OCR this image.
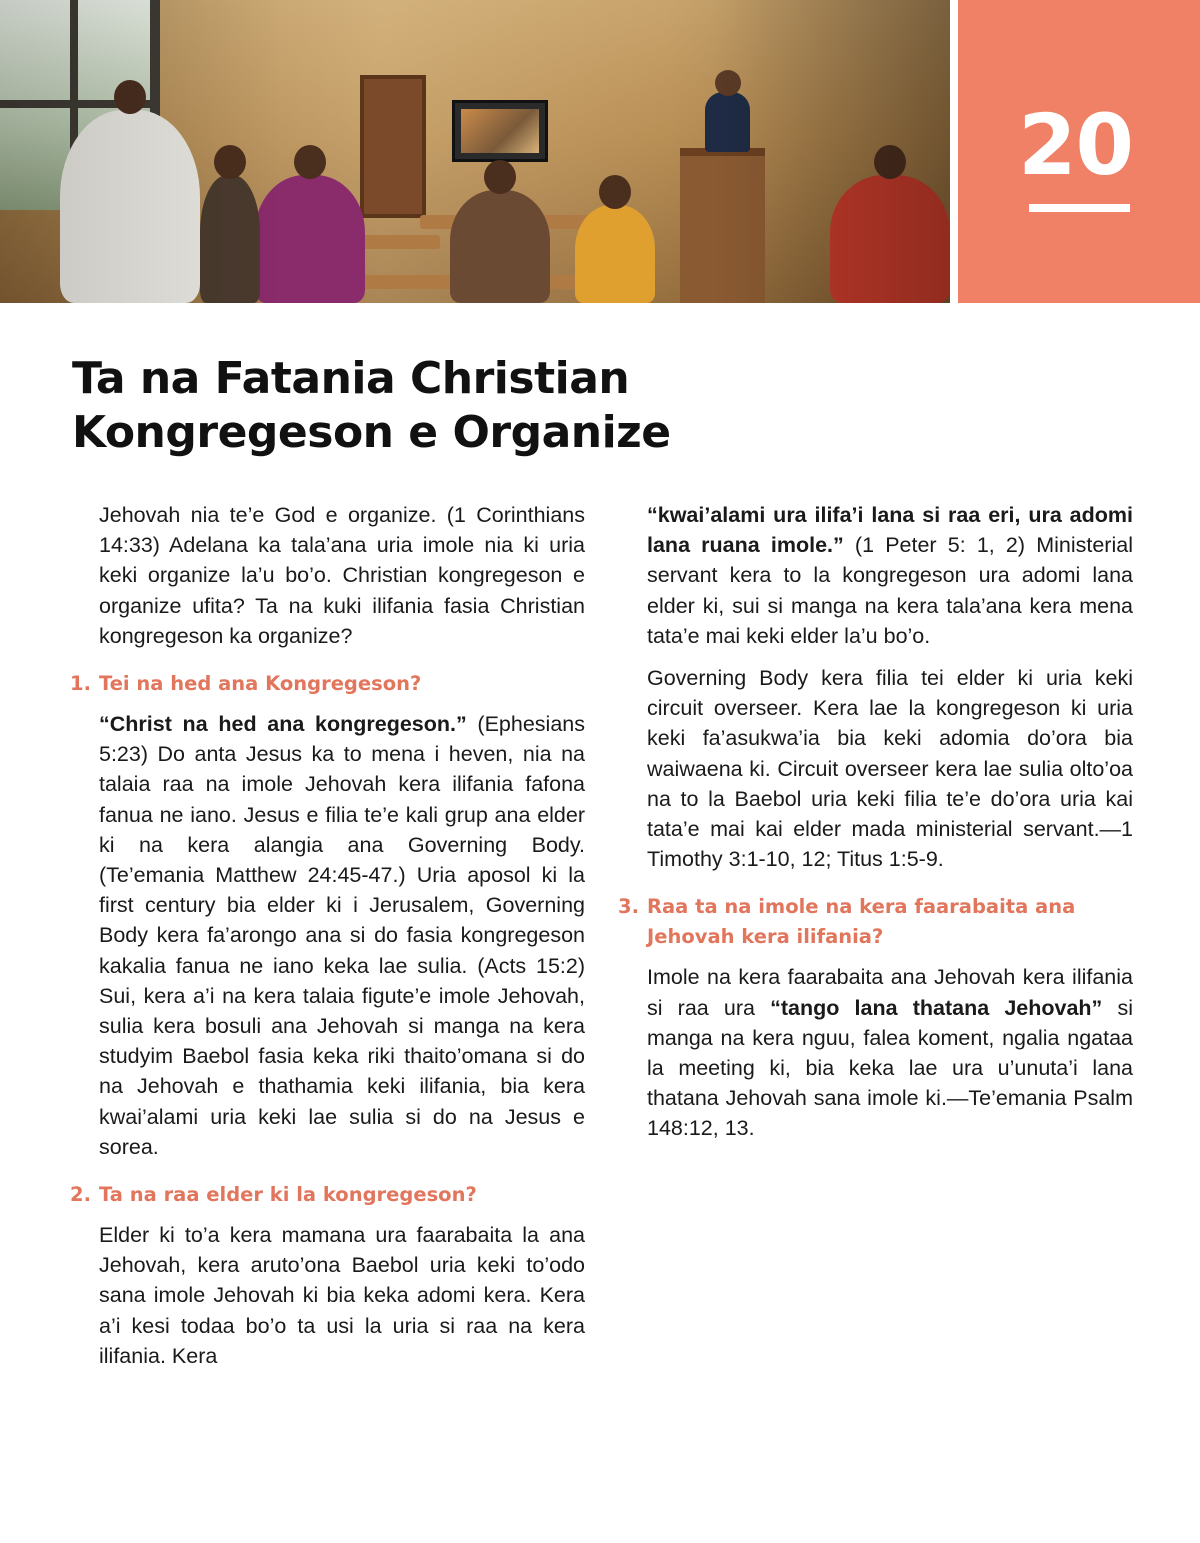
20
Ta na Fatania Christian Kongregeson e Organize

Jehovah nia te’e God e organize. (1 Corinthians 14:33) Adelana ka tala’ana uria imole nia ki uria keki organize la’u bo’o. Christian kongregeson e organize ufita? Ta na kuki ilifania fasia Christian kongregeson ka organize?

1. Tei na hed ana Kongregeson?

“Christ na hed ana kongregeson.” (Ephesians 5:23) Do anta Jesus ka to mena i heven, nia na talaia raa na imole Jehovah kera ilifania fafona fanua ne iano. Jesus e filia te’e kali grup ana elder ki na kera alangia ana Governing Body. (Te’emania Matthew 24:45-47.) Uria aposol ki la first century bia elder ki i Jerusalem, Governing Body kera fa’arongo ana si do fasia kongregeson kakalia fanua ne iano keka lae sulia. (Acts 15:2) Sui, kera a’i na kera talaia figute’e imole Jehovah, sulia kera bosuli ana Jehovah si manga na kera studyim Baebol fasia keka riki thaito’omana si do na Jehovah e thathamia keki ilifania, bia kera kwai’alami uria keki lae sulia si do na Jesus e sorea.

2. Ta na raa elder ki la kongregeson?

Elder ki to’a kera mamana ura faarabaita la ana Jehovah, kera aruto’ona Baebol uria keki to’odo sana imole Jehovah ki bia keka adomi kera. Kera a’i kesi todaa bo’o ta usi la uria si raa na kera ilifania. Kera

“kwai’alami ura ilifa’i lana si raa eri, ura adomi lana ruana imole.” (1 Peter 5: 1, 2) Ministerial servant kera to la kongregeson ura adomi lana elder ki, sui si manga na kera tala’ana kera mena tata’e mai keki elder la’u bo’o.

Governing Body kera filia tei elder ki uria keki circuit overseer. Kera lae la kongregeson ki uria keki fa’asukwa’ia bia keki adomia do’ora bia waiwaena ki. Circuit overseer kera lae sulia olto’oa na to la Baebol uria keki filia te’e do’ora uria kai tata’e mai kai elder mada ministerial servant.—1 Timothy 3:1-10, 12; Titus 1:5-9.

3. Raa ta na imole na kera faarabaita ana Jehovah kera ilifania?

Imole na kera faarabaita ana Jehovah kera ilifania si raa ura “tango lana thatana Jehovah” si manga na kera nguu, falea koment, ngalia ngataa la meeting ki, bia keka lae ura u’unuta’i lana thatana Jehovah sana imole ki.—Te’emania Psalm 148:12, 13.
